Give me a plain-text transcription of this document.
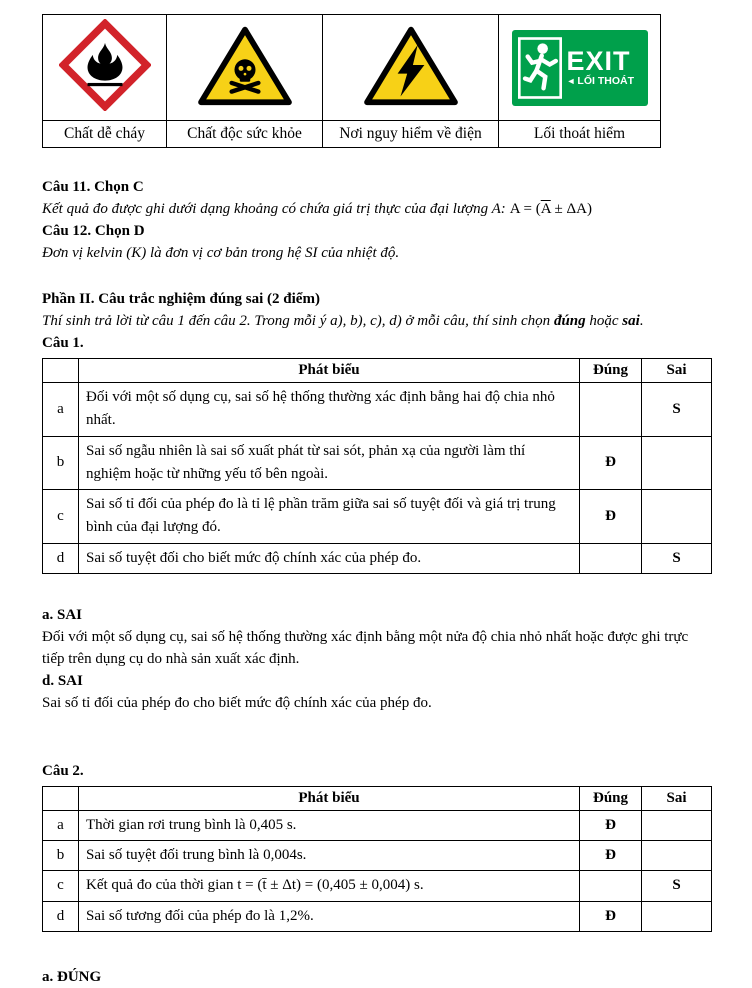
EXIT
◄ LỐI THOÁT

Chất dễ cháy	Chất độc sức khỏe	Nơi nguy hiểm về điện	Lối thoát hiểm

Câu 11. Chọn C

Kết quả đo được ghi dưới dạng khoảng có chứa giá trị thực của đại lượng A: $A = (\overline{A} \pm \Delta A)$

Câu 12. Chọn D

Đơn vị kelvin (K) là đơn vị cơ bản trong hệ SI của nhiệt độ.

Phần II. Câu trắc nghiệm đúng sai (2 điểm)

Thí sinh trả lời từ câu 1 đến câu 2. Trong mỗi ý a), b), c), d) ở mỗi câu, thí sinh chọn đúng hoặc sai.

Câu 1.

	Phát biểu	Đúng	Sai
a	Đối với một số dụng cụ, sai số hệ thống thường xác định bằng hai độ chia nhỏ nhất.		S
b	Sai số ngẫu nhiên là sai số xuất phát từ sai sót, phản xạ của người làm thí nghiệm hoặc từ những yếu tố bên ngoài.	Đ	
c	Sai số tỉ đối của phép đo là tỉ lệ phần trăm giữa sai số tuyệt đối và giá trị trung bình của đại lượng đó.	Đ	
d	Sai số tuyệt đối cho biết mức độ chính xác của phép đo.		S

a. SAI

Đối với một số dụng cụ, sai số hệ thống thường xác định bằng một nửa độ chia nhỏ nhất hoặc được ghi trực tiếp trên dụng cụ do nhà sản xuất xác định.

d. SAI

Sai số tỉ đối của phép đo cho biết mức độ chính xác của phép đo.

Câu 2.

	Phát biểu	Đúng	Sai
a	Thời gian rơi trung bình là 0,405 s.	Đ	
b	Sai số tuyệt đối trung bình là 0,004s.	Đ	
c	Kết quả đo của thời gian t = (t̄ ± Δt) = (0,405 ± 0,004) s.		S
d	Sai số tương đối của phép đo là 1,2%.	Đ	

a. ĐÚNG
